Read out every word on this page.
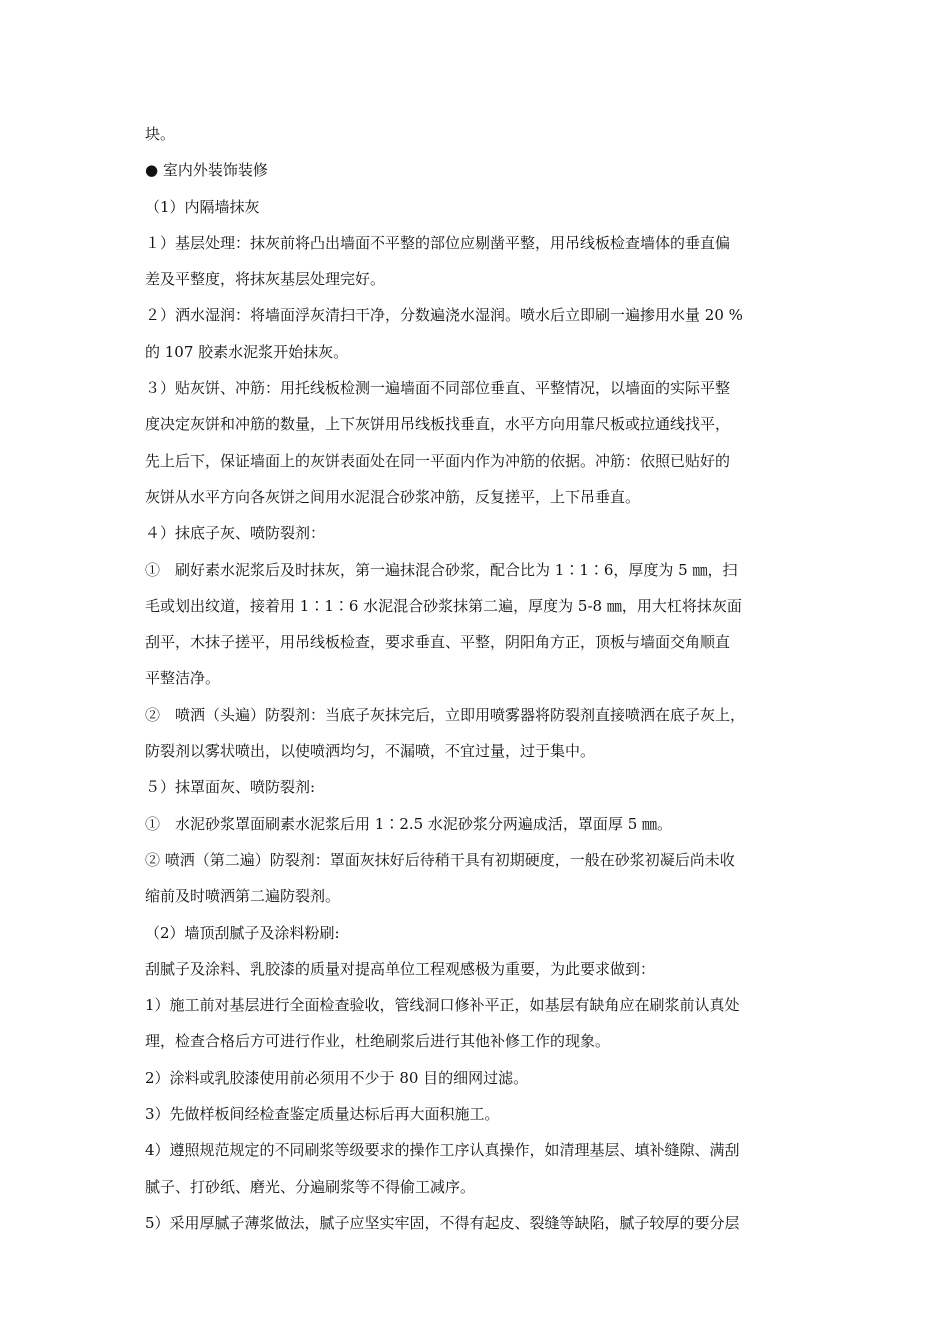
块。
● 室内外装饰装修
（1）内隔墙抹灰
１）基层处理：抹灰前将凸出墙面不平整的部位应剔凿平整，用吊线板检查墙体的垂直偏
差及平整度，将抹灰基层处理完好。
２）洒水湿润：将墙面浮灰清扫干净，分数遍浇水湿润。喷水后立即刷一遍掺用水量 20 %
的 107 胶素水泥浆开始抹灰。
３）贴灰饼、冲筋：用托线板检测一遍墙面不同部位垂直、平整情况，以墙面的实际平整
度决定灰饼和冲筋的数量，上下灰饼用吊线板找垂直，水平方向用靠尺板或拉通线找平，
先上后下，保证墙面上的灰饼表面处在同一平面内作为冲筋的依据。冲筋：依照已贴好的
灰饼从水平方向各灰饼之间用水泥混合砂浆冲筋，反复搓平，上下吊垂直。
４）抹底子灰、喷防裂剂：
①　刷好素水泥浆后及时抹灰，第一遍抹混合砂浆，配合比为 1∶1∶6，厚度为 5 ㎜，扫
毛或划出纹道，接着用 1∶1∶6 水泥混合砂浆抹第二遍，厚度为 5-8 ㎜，用大杠将抹灰面
刮平，木抹子搓平，用吊线板检查，要求垂直、平整，阴阳角方正，顶板与墙面交角顺直
平整洁净。
②　喷洒（头遍）防裂剂：当底子灰抹完后，立即用喷雾器将防裂剂直接喷洒在底子灰上，
防裂剂以雾状喷出，以使喷洒均匀，不漏喷，不宜过量，过于集中。
５）抹罩面灰、喷防裂剂:
①　水泥砂浆罩面刷素水泥浆后用 1∶2.5 水泥砂浆分两遍成活，罩面厚 5 ㎜。
② 喷洒（第二遍）防裂剂：罩面灰抹好后待稍干具有初期硬度，一般在砂浆初凝后尚未收
缩前及时喷洒第二遍防裂剂。
（2）墙顶刮腻子及涂料粉刷:
刮腻子及涂料、乳胶漆的质量对提高单位工程观感极为重要，为此要求做到：
1）施工前对基层进行全面检查验收，管线洞口修补平正，如基层有缺角应在刷浆前认真处
理，检查合格后方可进行作业，杜绝刷浆后进行其他补修工作的现象。
2）涂料或乳胶漆使用前必须用不少于 80 目的细网过滤。
3）先做样板间经检查鉴定质量达标后再大面积施工。
4）遵照规范规定的不同刷浆等级要求的操作工序认真操作，如清理基层、填补缝隙、满刮
腻子、打砂纸、磨光、分遍刷浆等不得偷工减序。
5）采用厚腻子薄浆做法，腻子应坚实牢固，不得有起皮、裂缝等缺陷，腻子较厚的要分层
